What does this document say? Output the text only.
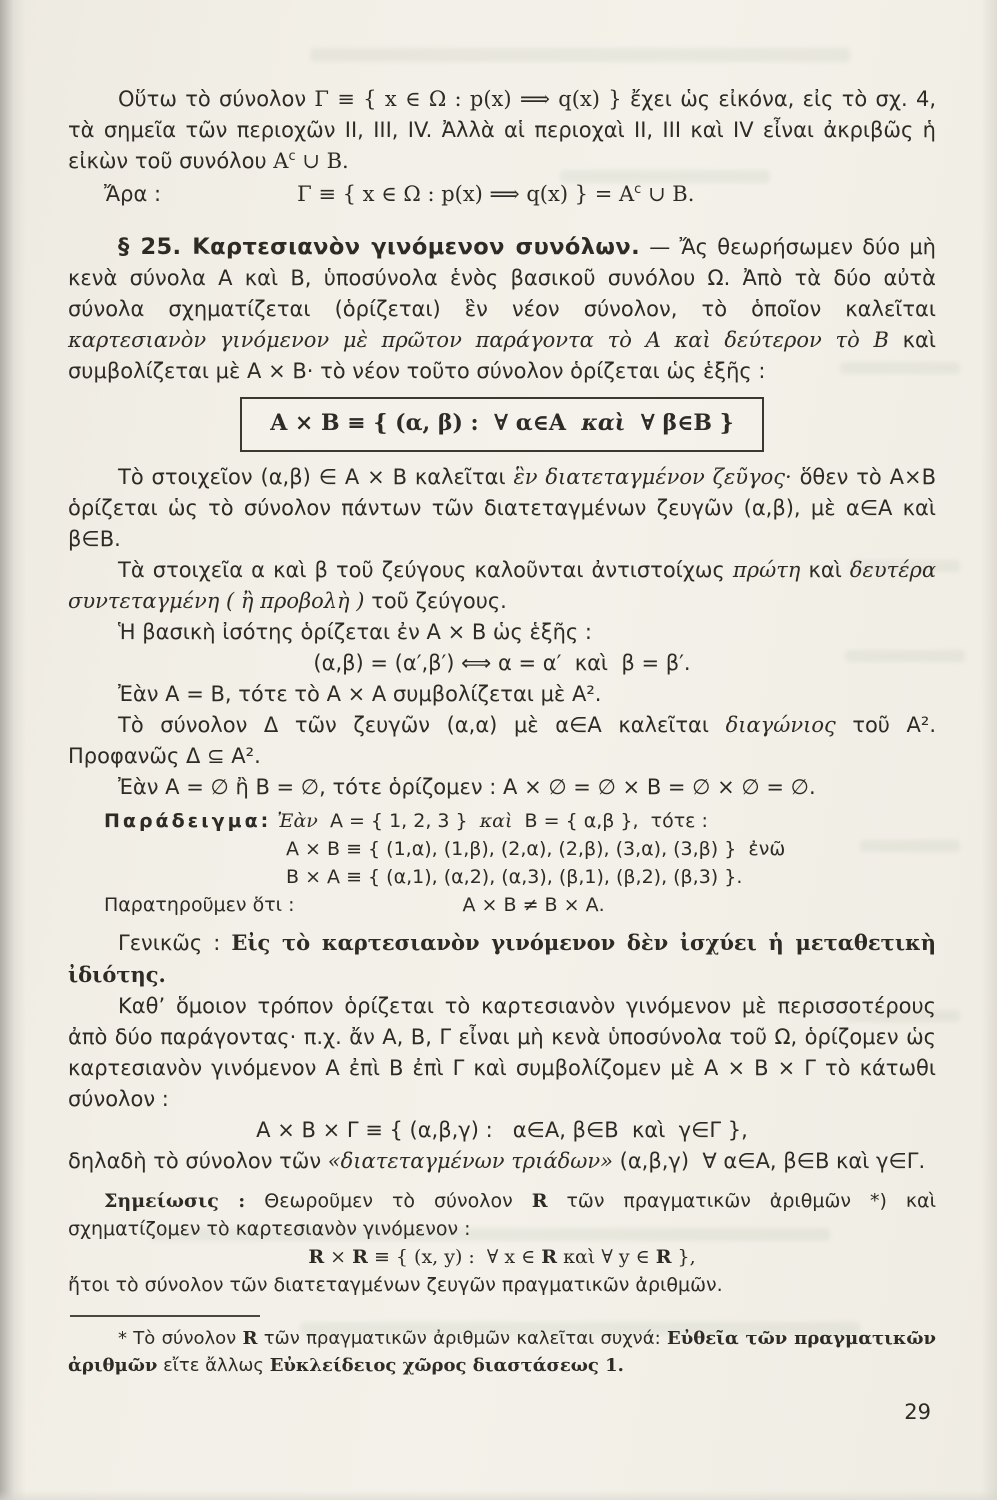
Οὕτω τὸ σύνολον Γ ≡ { x ∈ Ω : p(x) ⟹ q(x) } ἔχει ὡς εἰκόνα, εἰς τὸ σχ. 4, τὰ σημεῖα τῶν περιοχῶν II, III, IV. Ἀλλὰ αἱ περιοχαὶ II, III καὶ IV εἶναι ἀκριβῶς ἡ εἰκὼν τοῦ συνόλου $A^c$ ∪ B.

Ἄρα :	Γ ≡ { x ∈ Ω : p(x) ⟹ q(x) } = $A^c$ ∪ B.

§ 25. Καρτεσιανὸν γινόμενον συνόλων. — Ἄς θεωρήσωμεν δύο μὴ κενὰ σύνολα Α καὶ Β, ὑποσύνολα ἑνὸς βασικοῦ συνόλου Ω. Ἀπὸ τὰ δύο αὐτὰ σύνολα σχηματίζεται (ὁρίζεται) ἓν νέον σύνολον, τὸ ὁποῖον καλεῖται καρτεσιανὸν γινόμενον μὲ πρῶτον παράγοντα τὸ Α καὶ δεύτερον τὸ Β καὶ συμβολίζεται μὲ Α × Β· τὸ νέον τοῦτο σύνολον ὁρίζεται ὡς ἑξῆς :

A × B ≡ { (α, β) :  ∀ α∈A  καὶ  ∀ β∈B }

Τὸ στοιχεῖον (α,β) ∈ Α × Β καλεῖται ἓν διατεταγμένον ζεῦγος· ὅθεν τὸ Α×Β ὁρίζεται ὡς τὸ σύνολον πάντων τῶν διατεταγμένων ζευγῶν (α,β), μὲ α∈Α καὶ β∈Β.

Τὰ στοιχεῖα α καὶ β τοῦ ζεύγους καλοῦνται ἀντιστοίχως πρώτη καὶ δευτέρα συντεταγμένη ( ἢ προβολὴ ) τοῦ ζεύγους.

Ἡ βασικὴ ἰσότης ὁρίζεται ἐν Α × Β ὡς ἑξῆς :

(α,β) = (α′,β′) ⟺ α = α′  καὶ  β = β′.

Ἐὰν Α = Β, τότε τὸ Α × Α συμβολίζεται μὲ Α².

Τὸ σύνολον Δ τῶν ζευγῶν (α,α) μὲ α∈Α καλεῖται διαγώνιος τοῦ Α². Προφανῶς Δ ⊆ Α².

Ἐὰν Α = ∅ ἢ Β = ∅, τότε ὁρίζομεν : Α × ∅ = ∅ × Β = ∅ × ∅ = ∅.

Παράδειγμα: Ἐὰν  Α = { 1, 2, 3 }  καὶ  Β = { α,β },  τότε :
Α × Β ≡ { (1,α), (1,β), (2,α), (2,β), (3,α), (3,β) }  ἐνῶ
Β × Α ≡ { (α,1), (α,2), (α,3), (β,1), (β,2), (β,3) }.
Παρατηροῦμεν ὅτι :	Α × Β ≠ Β × Α.

Γενικῶς : Εἰς τὸ καρτεσιανὸν γινόμενον δὲν ἰσχύει ἡ μεταθετικὴ ἰδιότης.

Καθ’ ὅμοιον τρόπον ὁρίζεται τὸ καρτεσιανὸν γινόμενον μὲ περισσοτέρους ἀπὸ δύο παράγοντας· π.χ. ἄν Α, Β, Γ εἶναι μὴ κενὰ ὑποσύνολα τοῦ Ω, ὁρίζομεν ὡς καρτεσιανὸν γινόμενον Α ἐπὶ Β ἐπὶ Γ καὶ συμβολίζομεν μὲ Α × Β × Γ τὸ κάτωθι σύνολον :

Α × Β × Γ ≡ { (α,β,γ) :   α∈Α, β∈Β  καὶ  γ∈Γ },

δηλαδὴ τὸ σύνολον τῶν «διατεταγμένων τριάδων» (α,β,γ)  ∀ α∈Α, β∈Β καὶ γ∈Γ.

Σημείωσις : Θεωροῦμεν τὸ σύνολον R τῶν πραγματικῶν ἀριθμῶν *) καὶ σχηματίζομεν τὸ καρτεσιανὸν γινόμενον :

R × R ≡ { (x, y) :  ∀ x ∈ R καὶ ∀ y ∈ R },

ἤτοι τὸ σύνολον τῶν διατεταγμένων ζευγῶν πραγματικῶν ἀριθμῶν.

* Τὸ σύνολον R τῶν πραγματικῶν ἀριθμῶν καλεῖται συχνά: Εὐθεῖα τῶν πραγματικῶν ἀριθμῶν εἴτε ἄλλως Εὐκλείδειος χῶρος διαστάσεως 1.

29
